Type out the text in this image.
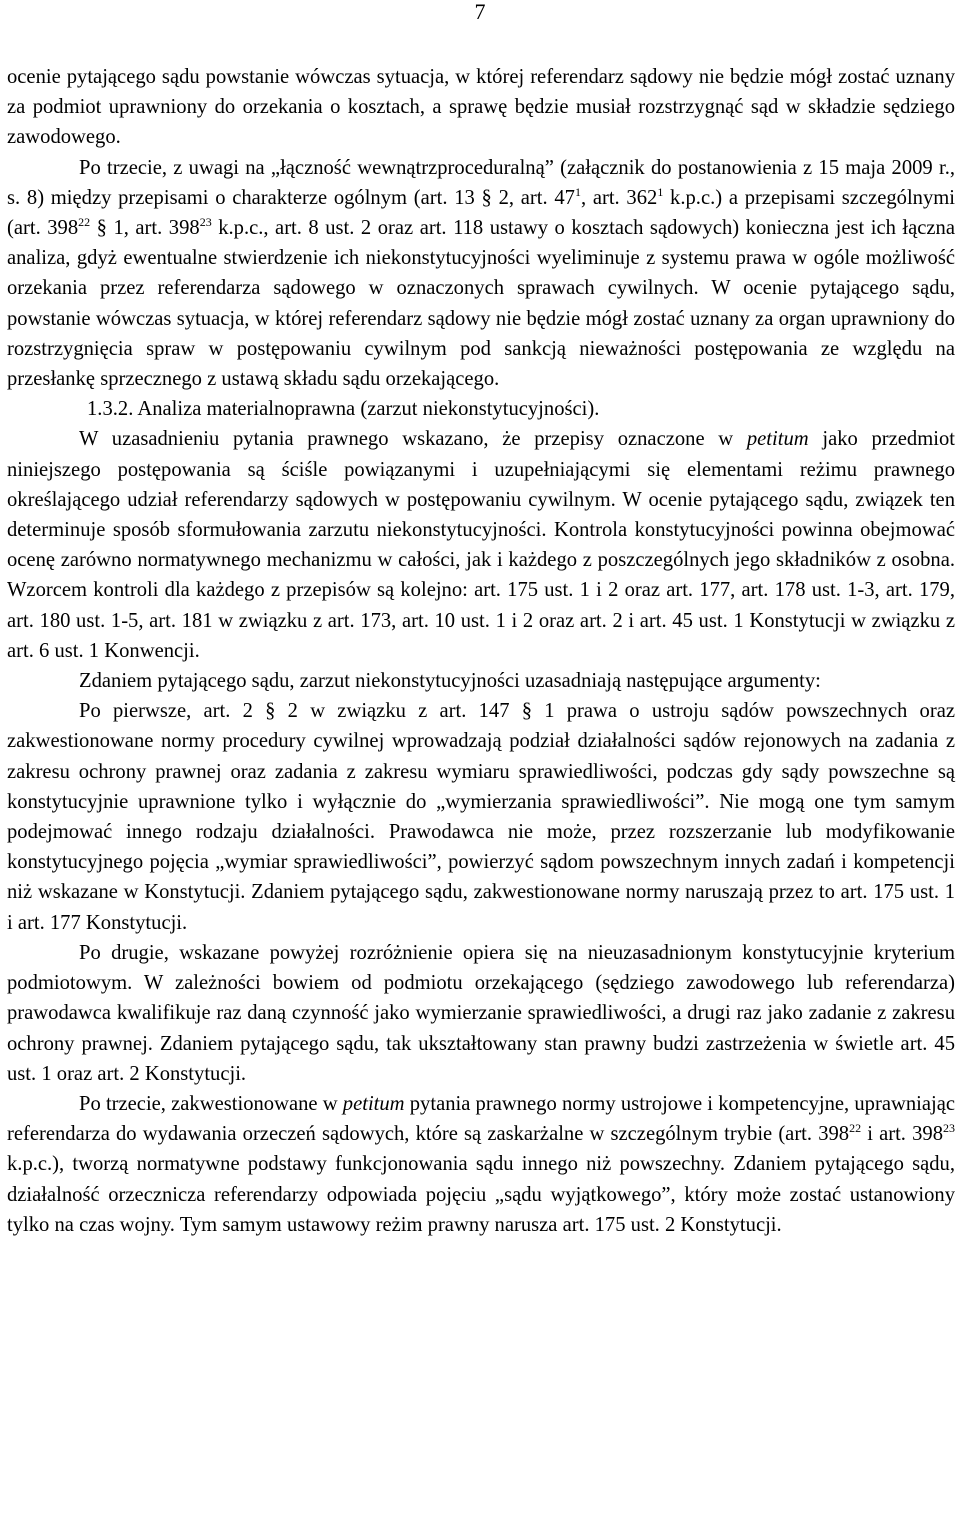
7

ocenie pytającego sądu powstanie wówczas sytuacja, w której referendarz sądowy nie będzie mógł zostać uznany za podmiot uprawniony do orzekania o kosztach, a sprawę będzie musiał rozstrzygnąć sąd w składzie sędziego zawodowego.

Po trzecie, z uwagi na „łączność wewnątrzproceduralną” (załącznik do postanowienia z 15 maja 2009 r., s. 8) między przepisami o charakterze ogólnym (art. 13 § 2, art. $47^1$, art. $362^1$ k.p.c.) a przepisami szczególnymi (art. $398^{22}$ § 1, art. $398^{23}$ k.p.c., art. 8 ust. 2 oraz art. 118 ustawy o kosztach sądowych) konieczna jest ich łączna analiza, gdyż ewentualne stwierdzenie ich niekonstytucyjności wyeliminuje z systemu prawa w ogóle możliwość orzekania przez referendarza sądowego w oznaczonych sprawach cywilnych. W ocenie pytającego sądu, powstanie wówczas sytuacja, w której referendarz sądowy nie będzie mógł zostać uznany za organ uprawniony do rozstrzygnięcia spraw w postępowaniu cywilnym pod sankcją nieważności postępowania ze względu na przesłankę sprzecznego z ustawą składu sądu orzekającego.

1.3.2. Analiza materialnoprawna (zarzut niekonstytucyjności).

W uzasadnieniu pytania prawnego wskazano, że przepisy oznaczone w petitum jako przedmiot niniejszego postępowania są ściśle powiązanymi i uzupełniającymi się elementami reżimu prawnego określającego udział referendarzy sądowych w postępowaniu cywilnym. W ocenie pytającego sądu, związek ten determinuje sposób sformułowania zarzutu niekonstytucyjności. Kontrola konstytucyjności powinna obejmować ocenę zarówno normatywnego mechanizmu w całości, jak i każdego z poszczególnych jego składników z osobna. Wzorcem kontroli dla każdego z przepisów są kolejno: art. 175 ust. 1 i 2 oraz art. 177, art. 178 ust. 1-3, art. 179, art. 180 ust. 1-5, art. 181 w związku z art. 173, art. 10 ust. 1 i 2 oraz art. 2 i art. 45 ust. 1 Konstytucji w związku z art. 6 ust. 1 Konwencji.

Zdaniem pytającego sądu, zarzut niekonstytucyjności uzasadniają następujące argumenty:

Po pierwsze, art. 2 § 2 w związku z art. 147 § 1 prawa o ustroju sądów powszechnych oraz zakwestionowane normy procedury cywilnej wprowadzają podział działalności sądów rejonowych na zadania z zakresu ochrony prawnej oraz zadania z zakresu wymiaru sprawiedliwości, podczas gdy sądy powszechne są konstytucyjnie uprawnione tylko i wyłącznie do „wymierzania sprawiedliwości”. Nie mogą one tym samym podejmować innego rodzaju działalności. Prawodawca nie może, przez rozszerzanie lub modyfikowanie konstytucyjnego pojęcia „wymiar sprawiedliwości”, powierzyć sądom powszechnym innych zadań i kompetencji niż wskazane w Konstytucji. Zdaniem pytającego sądu, zakwestionowane normy naruszają przez to art. 175 ust. 1 i art. 177 Konstytucji.

Po drugie, wskazane powyżej rozróżnienie opiera się na nieuzasadnionym konstytucyjnie kryterium podmiotowym. W zależności bowiem od podmiotu orzekającego (sędziego zawodowego lub referendarza) prawodawca kwalifikuje raz daną czynność jako wymierzanie sprawiedliwości, a drugi raz jako zadanie z zakresu ochrony prawnej. Zdaniem pytającego sądu, tak ukształtowany stan prawny budzi zastrzeżenia w świetle art. 45 ust. 1 oraz art. 2 Konstytucji.

Po trzecie, zakwestionowane w petitum pytania prawnego normy ustrojowe i kompetencyjne, uprawniając referendarza do wydawania orzeczeń sądowych, które są zaskarżalne w szczególnym trybie (art. $398^{22}$ i art. $398^{23}$ k.p.c.), tworzą normatywne podstawy funkcjonowania sądu innego niż powszechny. Zdaniem pytającego sądu, działalność orzecznicza referendarzy odpowiada pojęciu „sądu wyjątkowego”, który może zostać ustanowiony tylko na czas wojny. Tym samym ustawowy reżim prawny narusza art. 175 ust. 2 Konstytucji.
